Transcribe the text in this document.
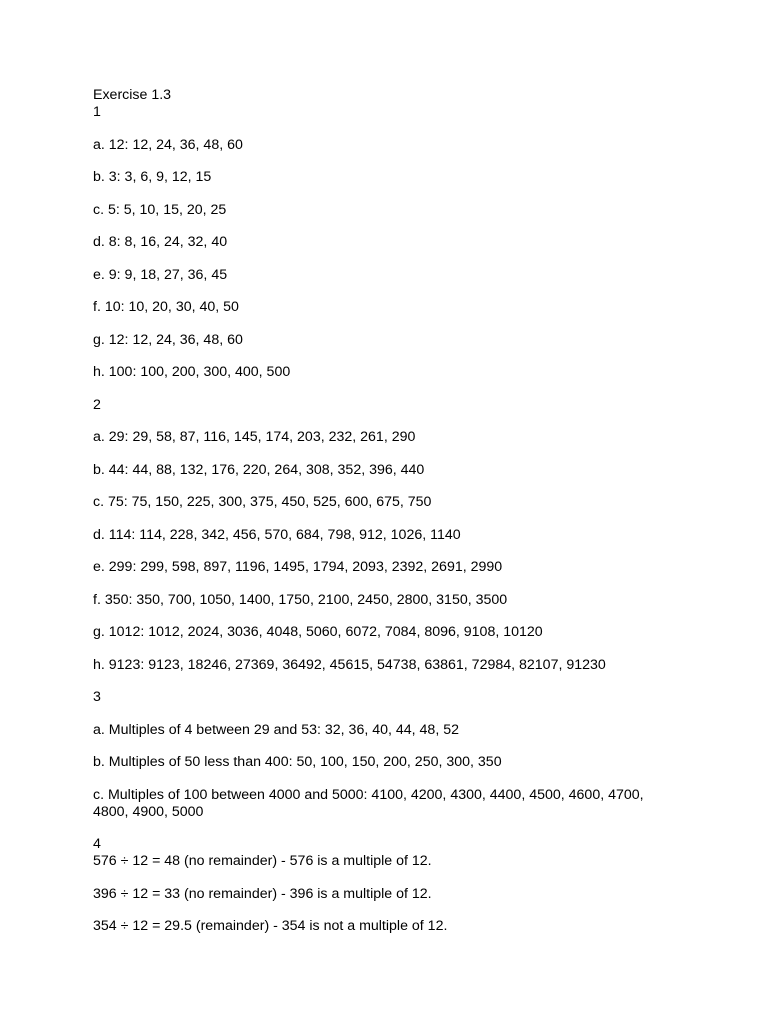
Exercise 1.3

1

a. 12: 12, 24, 36, 48, 60

b. 3: 3, 6, 9, 12, 15

c. 5: 5, 10, 15, 20, 25

d. 8: 8, 16, 24, 32, 40

e. 9: 9, 18, 27, 36, 45

f. 10: 10, 20, 30, 40, 50

g. 12: 12, 24, 36, 48, 60

h. 100: 100, 200, 300, 400, 500

2

a. 29: 29, 58, 87, 116, 145, 174, 203, 232, 261, 290

b. 44: 44, 88, 132, 176, 220, 264, 308, 352, 396, 440

c. 75: 75, 150, 225, 300, 375, 450, 525, 600, 675, 750

d. 114: 114, 228, 342, 456, 570, 684, 798, 912, 1026, 1140

e. 299: 299, 598, 897, 1196, 1495, 1794, 2093, 2392, 2691, 2990

f. 350: 350, 700, 1050, 1400, 1750, 2100, 2450, 2800, 3150, 3500

g. 1012: 1012, 2024, 3036, 4048, 5060, 6072, 7084, 8096, 9108, 10120

h. 9123: 9123, 18246, 27369, 36492, 45615, 54738, 63861, 72984, 82107, 91230

3

a. Multiples of 4 between 29 and 53: 32, 36, 40, 44, 48, 52

b. Multiples of 50 less than 400: 50, 100, 150, 200, 250, 300, 350

c. Multiples of 100 between 4000 and 5000: 4100, 4200, 4300, 4400, 4500, 4600, 4700, 4800, 4900, 5000

4

576 ÷ 12 = 48 (no remainder) - 576 is a multiple of 12.

396 ÷ 12 = 33 (no remainder) - 396 is a multiple of 12.

354 ÷ 12 = 29.5 (remainder) - 354 is not a multiple of 12.
